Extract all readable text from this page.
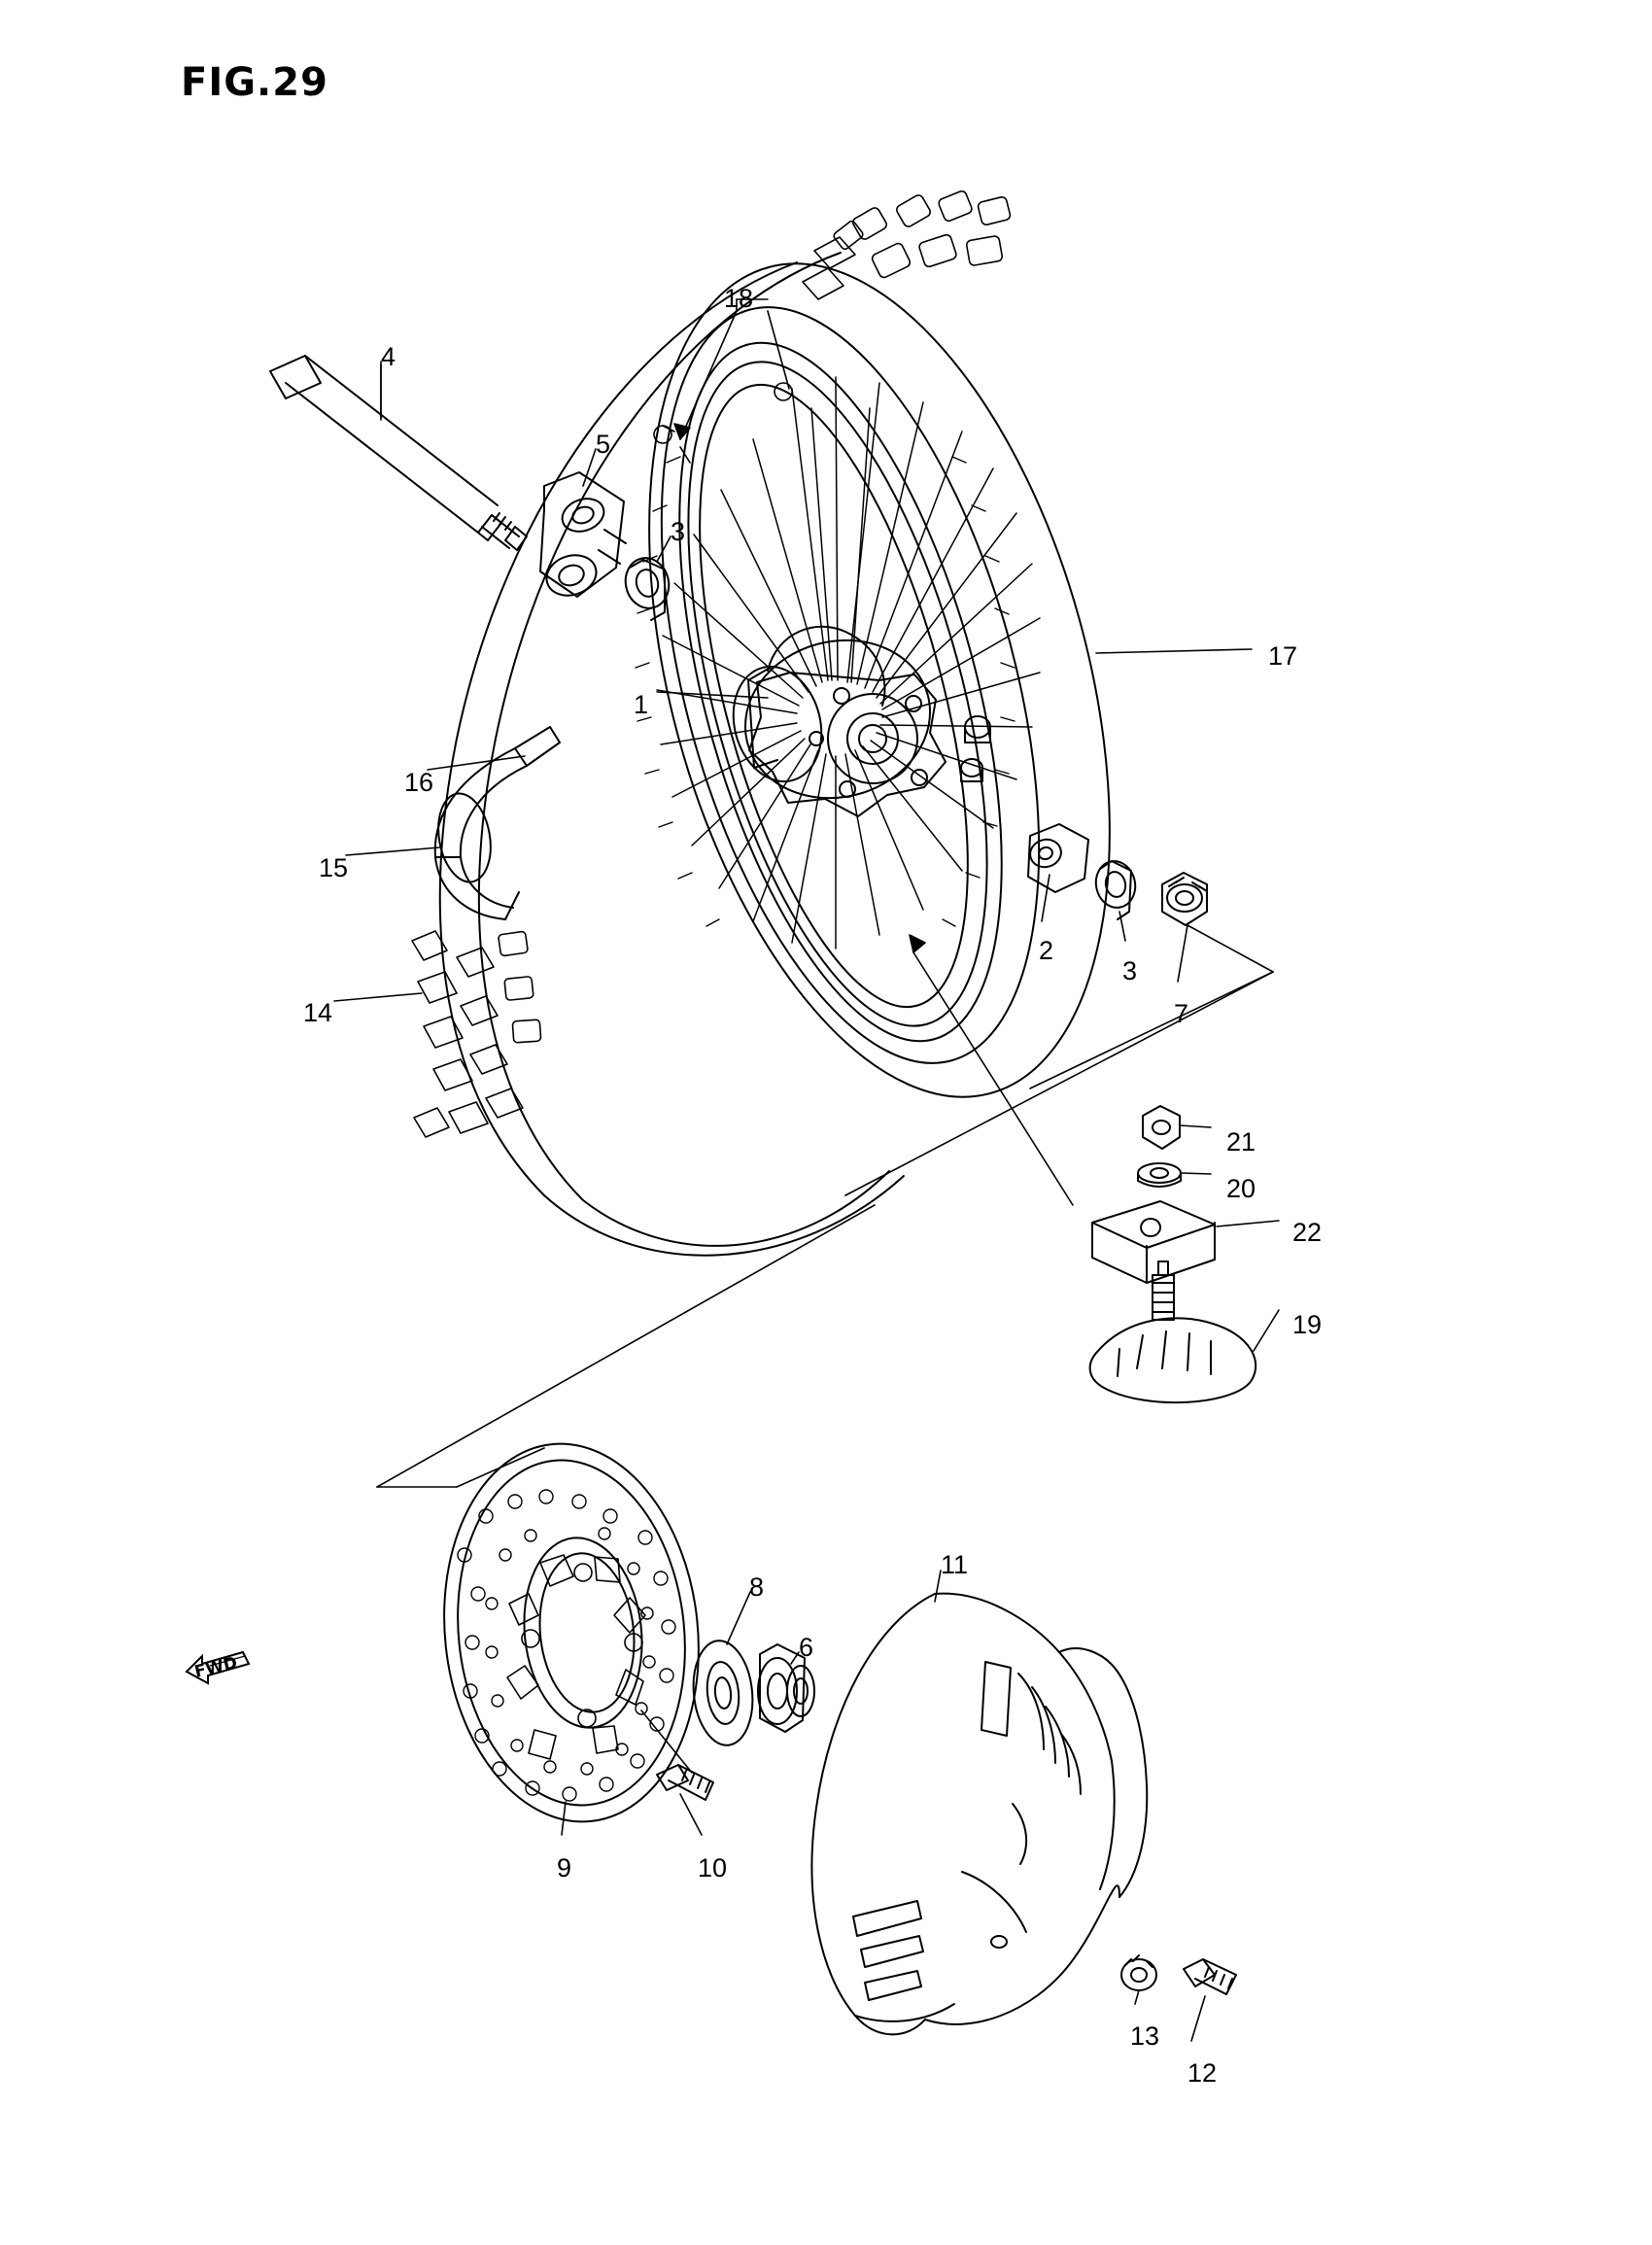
FIG.29
FWD
18
4
5
3
17
1
16
15
2
3
7
14
21
20
22
19
11
8
6
9	10
13
12
